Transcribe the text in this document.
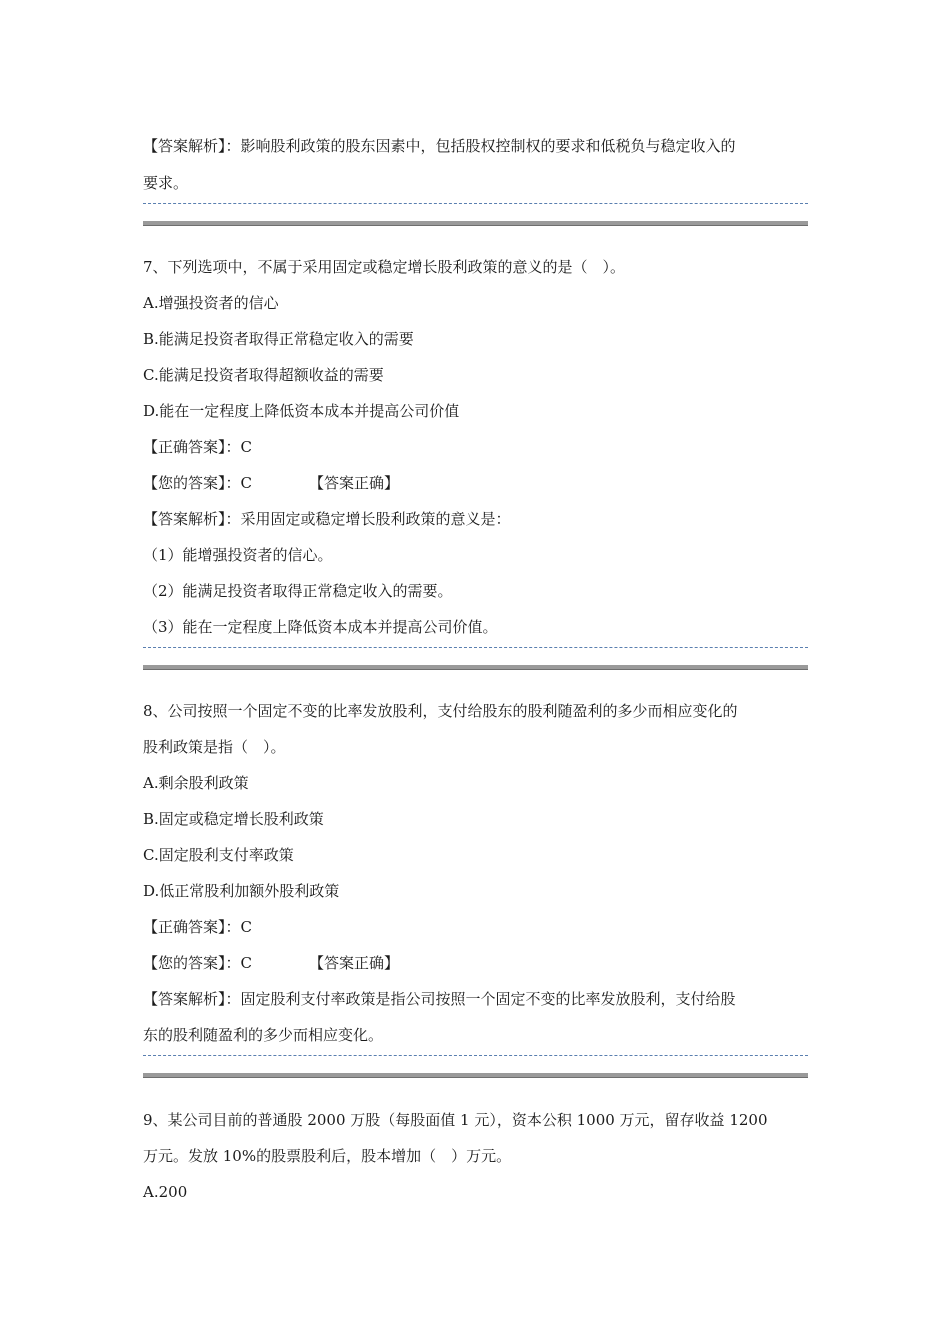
【答案解析】：影响股利政策的股东因素中，包括股权控制权的要求和低税负与稳定收入的
要求。
7、下列选项中，不属于采用固定或稳定增长股利政策的意义的是（　）。
A.增强投资者的信心
B.能满足投资者取得正常稳定收入的需要
C.能满足投资者取得超额收益的需要
D.能在一定程度上降低资本成本并提高公司价值
【正确答案】：C
【您的答案】：C	【答案正确】
【答案解析】：采用固定或稳定增长股利政策的意义是：
（1）能增强投资者的信心。
（2）能满足投资者取得正常稳定收入的需要。
（3）能在一定程度上降低资本成本并提高公司价值。
8、公司按照一个固定不变的比率发放股利，支付给股东的股利随盈利的多少而相应变化的
股利政策是指（　）。
A.剩余股利政策
B.固定或稳定增长股利政策
C.固定股利支付率政策
D.低正常股利加额外股利政策
【正确答案】：C
【您的答案】：C	【答案正确】
【答案解析】：固定股利支付率政策是指公司按照一个固定不变的比率发放股利，支付给股
东的股利随盈利的多少而相应变化。
9、某公司目前的普通股 2000 万股（每股面值 1 元），资本公积 1000 万元，留存收益 1200
万元。发放 10%的股票股利后，股本增加（　）万元。
A.200
